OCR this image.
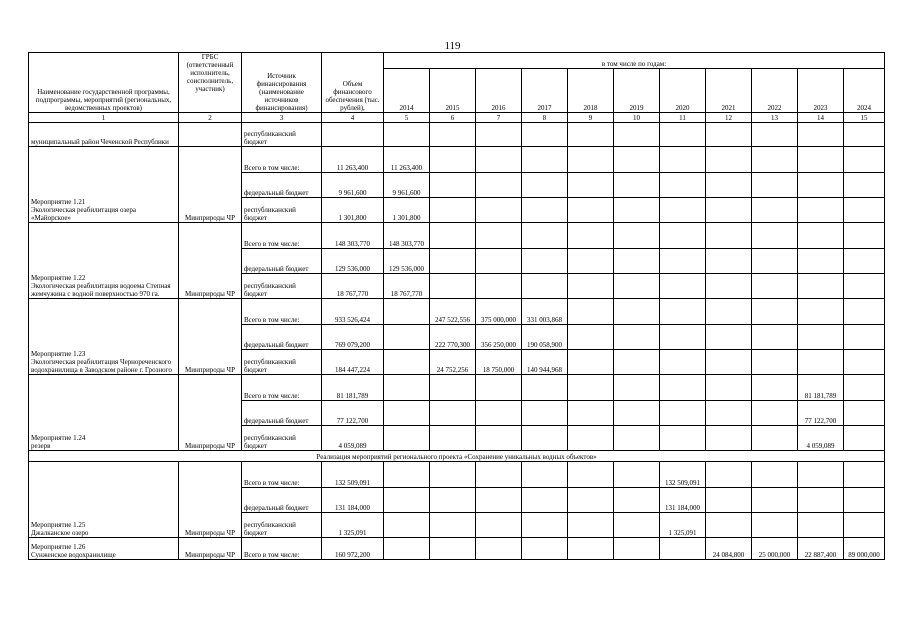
119
Наименование государственной программы, подпрограммы, мероприятий (региональных, ведомственных проектов)	ГРБС (ответственный исполнитель, соисполнитель, участник)	Источник финансирования (наименование источников финансирования)	Объем финансового обеспечения (тыс. рублей),	в том числе по годам:										
				2014	2015	2016	2017	2018	2019	2020	2021	2022	2023	2024
1	2	3	4	5	6	7	8	9	10	11	12	13	14	15
муниципальный район Чеченской Республики		республиканский бюджет												
Мероприятие 1.21
Экологическая реабилитация озера «Майорское»	Минприроды ЧР	Всего в том числе:	11 263,400	11 263,400										
		федеральный бюджет	9 961,600	9 961,600										
		республиканский бюджет	1 301,800	1 301,800										
Мероприятие 1.22
Экологическая реабилитация водоема Степная жемчужина с водной поверхностью 970 га.	Минприроды ЧР	Всего в том числе:	148 303,770	148 303,770										
		федеральный бюджет	129 536,000	129 536,000										
		республиканский бюджет	18 767,770	18 767,770										
Мероприятие 1.23
Экологическая реабилитация Чернореченского водохранилища в Заводском районе г. Грозного	Минприроды ЧР	Всего в том числе:	933 526,424		247 522,556	375 000,000	331 003,868							
		федеральный бюджет	769 079,200		222 770,300	356 250,000	190 058,900							
		республиканский бюджет	184 447,224		24 752,256	18 750,000	140 944,968							
Мероприятие 1.24
резерв	Минприроды ЧР	Всего в том числе:	81 181,789										81 181,789	
		федеральный бюджет	77 122,700										77 122,700	
		республиканский бюджет	4 059,089										4 059,089	
Реализация мероприятий регионального проекта «Сохранение уникальных водных объектов»														
Мероприятие 1.25
Джалканское озеро	Минприроды ЧР	Всего в том числе:	132 509,091							132 509,091				
		федеральный бюджет	131 184,000							131 184,000				
		республиканский бюджет	1 325,091							1 325,091				
Мероприятие 1.26
Сунженское водохранилище	Минприроды ЧР	Всего в том числе:	160 972,200								24 084,800	25 000,000	22 887,400	89 000,000
